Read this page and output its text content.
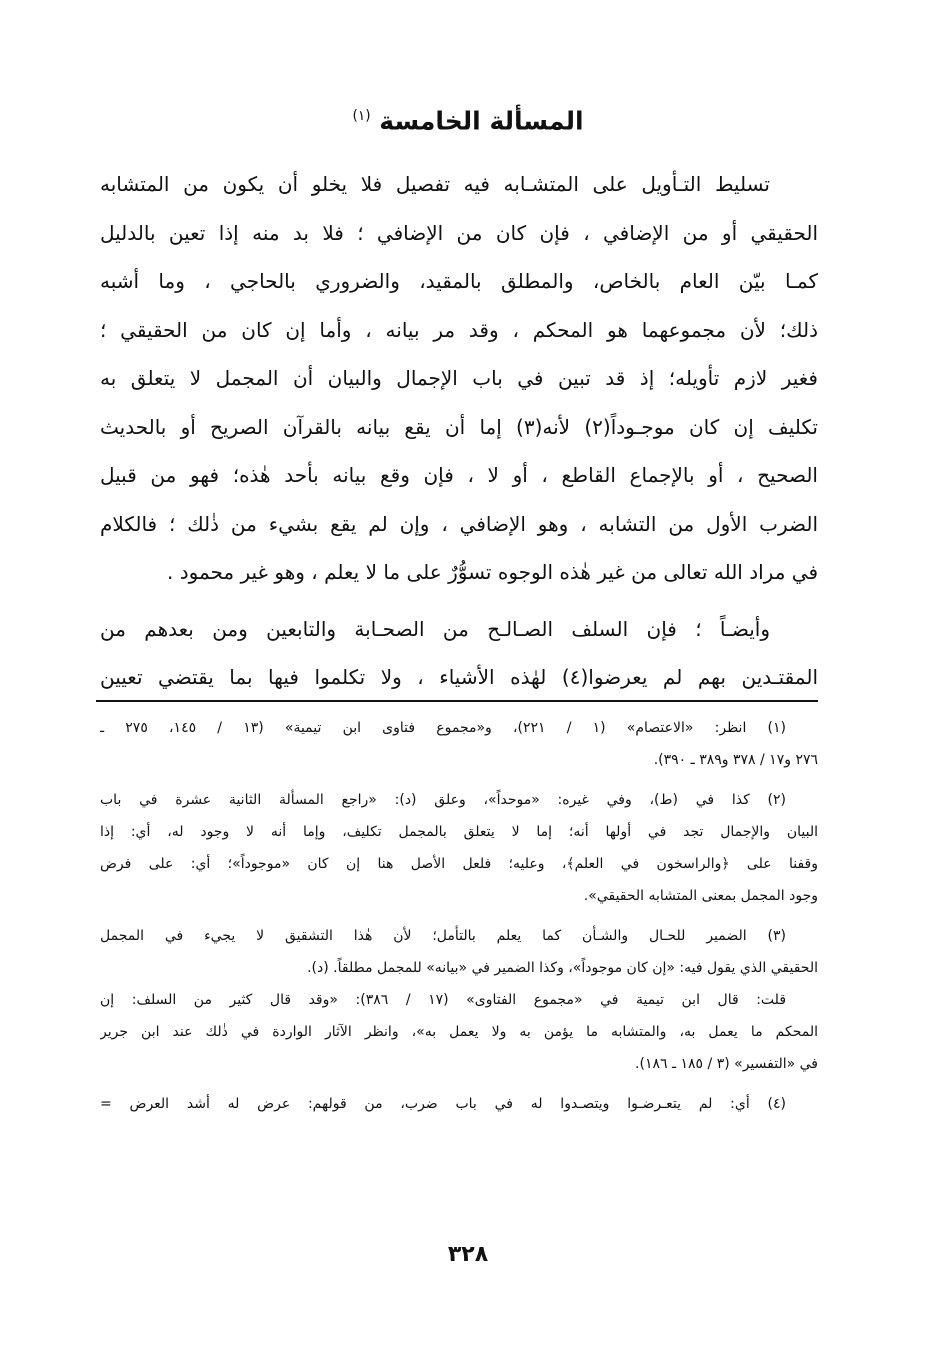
المسألة الخامسة $^{(١)}$
تسليط التـأويل على المتشـابه فيه تفصيل فلا يخلو أن يكون من المتشابه
الحقيقي أو من الإضافي ، فإن كان من الإضافي ؛ فلا بد منه إذا تعين بالدليل
كمـا بيّن العام بالخاص، والمطلق بالمقيد، والضروري بالحاجي ، وما أشبه
ذلك؛ لأن مجموعهما هو المحكم ، وقد مر بيانه ، وأما إن كان من الحقيقي ؛
فغير لازم تأويله؛ إذ قد تبين في باب الإجمال والبيان أن المجمل لا يتعلق به
تكليف إن كان موجـوداً(٢) لأنه(٣) إما أن يقع بيانه بالقرآن الصريح أو بالحديث
الصحيح ، أو بالإجماع القاطع ، أو لا ، فإن وقع بيانه بأحد هٰذه؛ فهو من قبيل
الضرب الأول من التشابه ، وهو الإضافي ، وإن لم يقع بشيء من ذٰلك ؛ فالكلام
في مراد الله تعالى من غير هٰذه الوجوه تسوُّرٌ على ما لا يعلم ، وهو غير محمود .
وأيضـاً ؛ فإن السلف الصـالـح من الصحـابة والتابعين ومن بعدهم من
المقتـدين بهم لم يعرضوا(٤) لهٰذه الأشياء ، ولا تكلموا فيها بما يقتضي تعيين
(١) انظر: «الاعتصام» (١ / ٢٢١)، و«مجموع فتاوى ابن تيمية» (١٣ / ١٤٥، ٢٧٥ ـ
٢٧٦ و١٧ / ٣٧٨ و٣٨٩ ـ ٣٩٠).
(٢) كذا في (ط)، وفي غيره: «موحداً»، وعلق (د): «راجع المسألة الثانية عشرة في باب
البيان والإجمال تجد في أولها أنه؛ إما لا يتعلق بالمجمل تكليف، وإما أنه لا وجود له، أي: إذا
وقفنا على ﴿والراسخون في العلم﴾، وعليه؛ فلعل الأصل هنا إن كان «موجوداً»؛ أي: على فرض
وجود المجمل بمعنى المتشابه الحقيقي».
(٣) الضمير للحـال والشـأن كما يعلم بالتأمل؛ لأن هٰذا التشقيق لا يجيء في المجمل
الحقيقي الذي يقول فيه: «إن كان موجوداً»، وكذا الضمير في «بيانه» للمجمل مطلقاً. (د).
قلت: قال ابن تيمية في «مجموع الفتاوى» (١٧ / ٣٨٦): «وقد قال كثير من السلف: إن
المحكم ما يعمل به، والمتشابه ما يؤمن به ولا يعمل به»، وانظر الآثار الواردة في ذٰلك عند ابن جرير
في «التفسير» (٣ / ١٨٥ ـ ١٨٦).
(٤) أي: لم يتعـرضـوا ويتصـدوا له في باب ضرب، من قولهم: عرض له أشد العرض =
٣٢٨
